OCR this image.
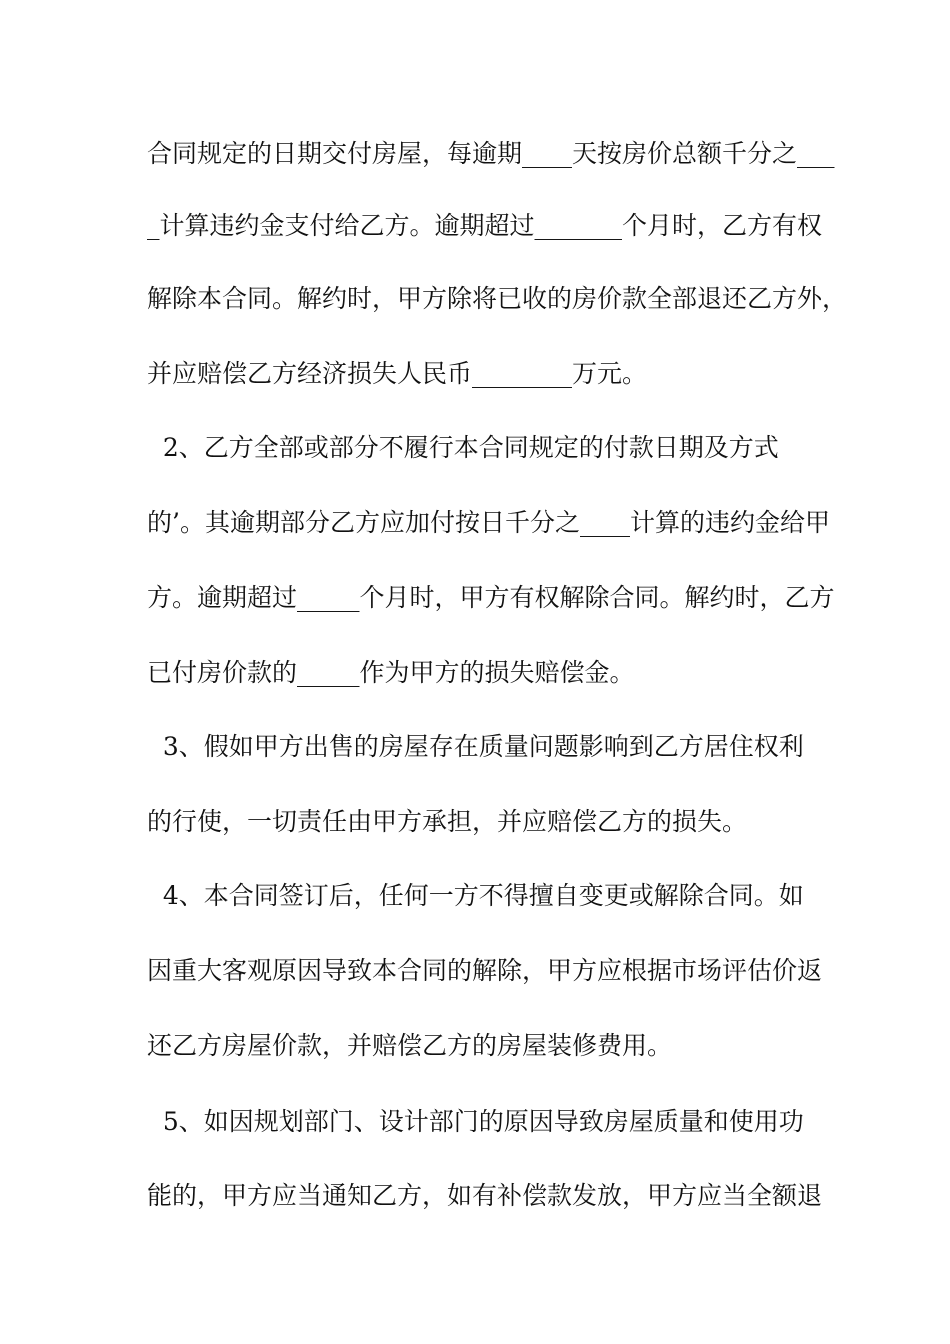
合同规定的日期交付房屋，每逾期____天按房价总额千分之___
_计算违约金支付给乙方。逾期超过_______个月时，乙方有权
解除本合同。解约时，甲方除将已收的房价款全部退还乙方外，
并应赔偿乙方经济损失人民币________万元。
2、乙方全部或部分不履行本合同规定的付款日期及方式
的’。其逾期部分乙方应加付按日千分之____计算的违约金给甲
方。逾期超过_____个月时，甲方有权解除合同。解约时，乙方
已付房价款的_____作为甲方的损失赔偿金。
3、假如甲方出售的房屋存在质量问题影响到乙方居住权利
的行使，一切责任由甲方承担，并应赔偿乙方的损失。
4、本合同签订后，任何一方不得擅自变更或解除合同。如
因重大客观原因导致本合同的解除，甲方应根据市场评估价返
还乙方房屋价款，并赔偿乙方的房屋装修费用。
5、如因规划部门、设计部门的原因导致房屋质量和使用功
能的，甲方应当通知乙方，如有补偿款发放，甲方应当全额退
